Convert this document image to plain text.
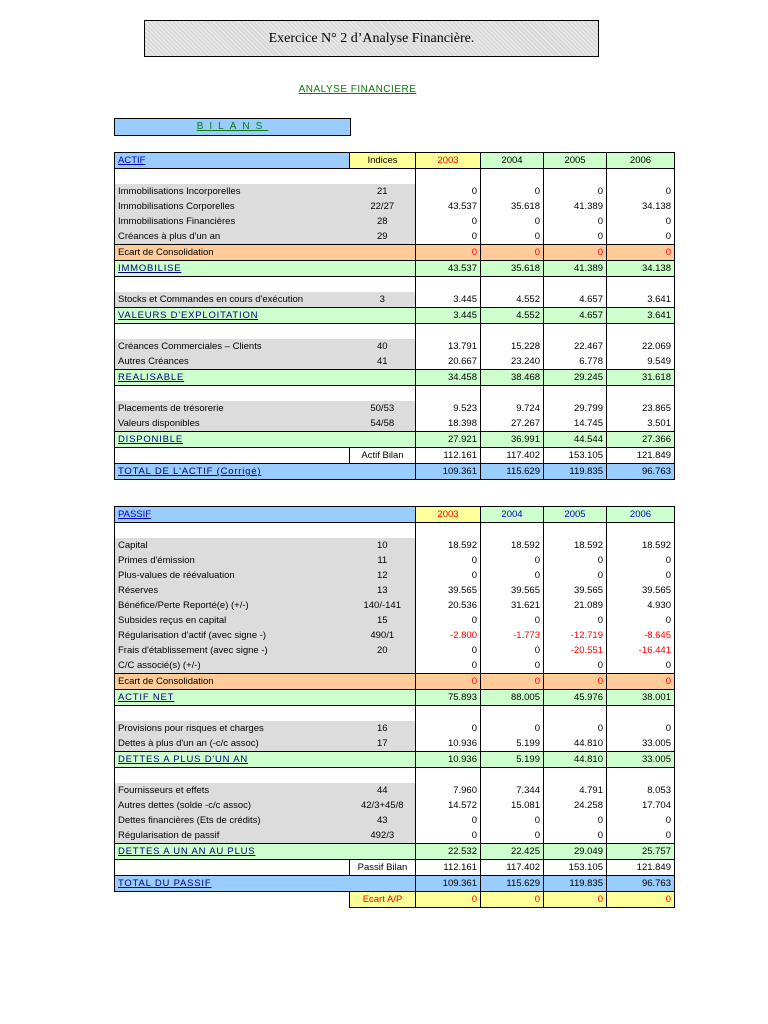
Exercice N° 2 d’Analyse Financière.
ANALYSE FINANCIERE
BILANS
ACTIF	Indices	2003	2004	2005	2006

Immobilisations Incorporelles	21	0	0	0	0
Immobilisations Corporelles	22/27	43.537	35.618	41.389	34.138
Immobilisations Financières	28	0	0	0	0
Créances à plus d'un an	29	0	0	0	0
Ecart de Consolidation		0	0	0	0
IMMOBILISE		43.537	35.618	41.389	34.138

Stocks et Commandes en cours d'exécution	3	3.445	4.552	4.657	3.641
VALEURS D'EXPLOITATION		3.445	4.552	4.657	3.641

Créances Commerciales – Clients	40	13.791	15.228	22.467	22.069
Autres Créances	41	20.667	23.240	6.778	9.549
REALISABLE		34.458	38.468	29.245	31.618

Placements de trésorerie	50/53	9.523	9.724	29.799	23.865
Valeurs disponibles	54/58	18.398	27.267	14.745	3.501
DISPONIBLE		27.921	36.991	44.544	27.366
	Actif Bilan	112.161	117.402	153.105	121.849
TOTAL DE L'ACTIF (Corrigé)		109.361	115.629	119.835	96.763
PASSIF		2003	2004	2005	2006

Capital	10	18.592	18.592	18.592	18.592
Primes d'émission	11	0	0	0	0
Plus-values de réévaluation	12	0	0	0	0
Réserves	13	39.565	39.565	39.565	39.565
Bénéfice/Perte Reporté(e) (+/-)	140/-141	20.536	31.621	21.089	4.930
Subsides reçus en capital	15	0	0	0	0
Régularisation d'actif (avec signe -)	490/1	-2.800	-1.773	-12.719	-8.645
Frais d'établissement (avec signe -)	20	0	0	-20.551	-16.441
C/C associé(s) (+/-)		0	0	0	0
Ecart de Consolidation		0	0	0	0
ACTIF NET		75.893	88.005	45.976	38.001

Provisions pour risques et charges	16	0	0	0	0
Dettes à plus d'un an (-c/c assoc)	17	10.936	5.199	44.810	33.005
DETTES A PLUS D'UN AN		10.936	5.199	44.810	33.005

Fournisseurs et effets	44	7.960	7.344	4.791	8.053
Autres dettes (solde -c/c assoc)	42/3+45/8	14.572	15.081	24.258	17.704
Dettes financières (Ets de crédits)	43	0	0	0	0
Régularisation de passif	492/3	0	0	0	0
DETTES A UN AN AU PLUS		22.532	22.425	29.049	25.757
	Passif Bilan	112.161	117.402	153.105	121.849
TOTAL DU PASSIF		109.361	115.629	119.835	96.763
	Ecart A/P	0	0	0	0
